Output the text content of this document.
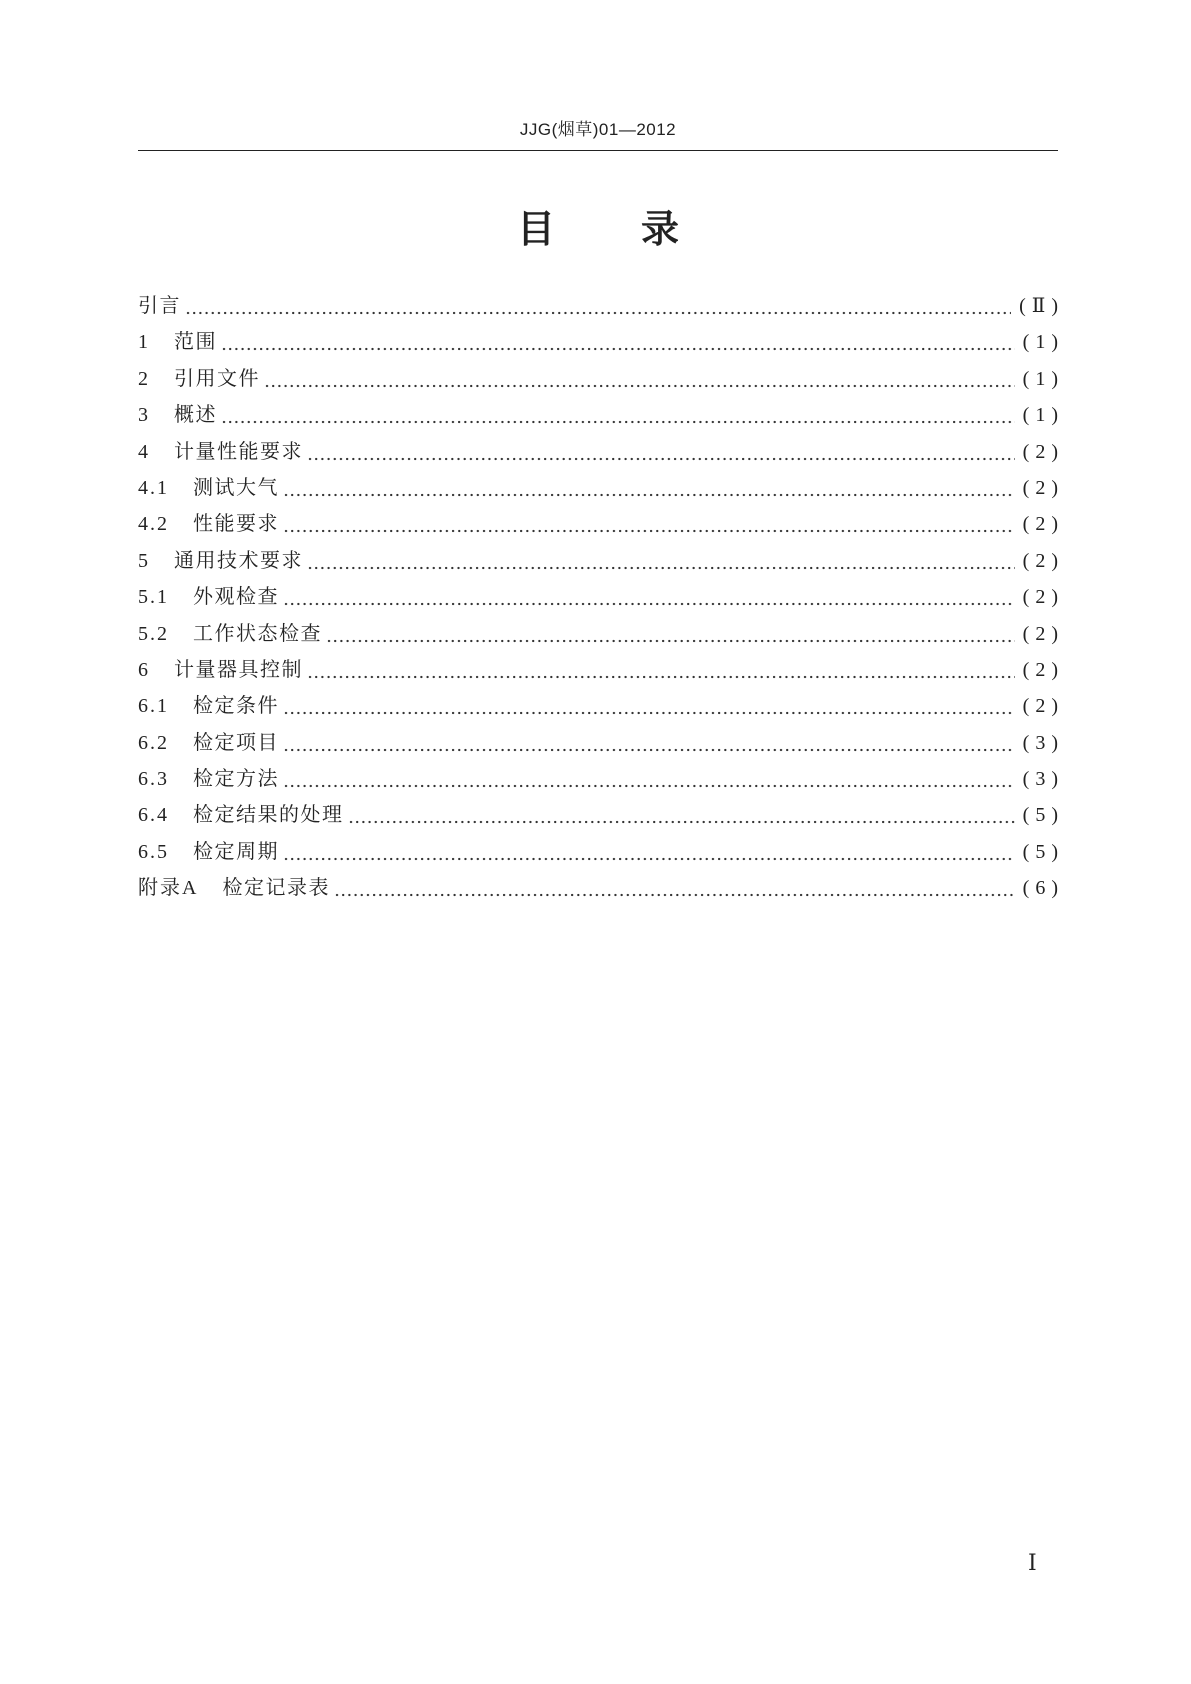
JJG(烟草)01—2012
目 录
引言	(Ⅱ)
1 范围	(1)
2 引用文件	(1)
3 概述	(1)
4 计量性能要求	(2)
4.1 测试大气	(2)
4.2 性能要求	(2)
5 通用技术要求	(2)
5.1 外观检查	(2)
5.2 工作状态检查	(2)
6 计量器具控制	(2)
6.1 检定条件	(2)
6.2 检定项目	(3)
6.3 检定方法	(3)
6.4 检定结果的处理	(5)
6.5 检定周期	(5)
附录A 检定记录表	(6)
Ⅰ
